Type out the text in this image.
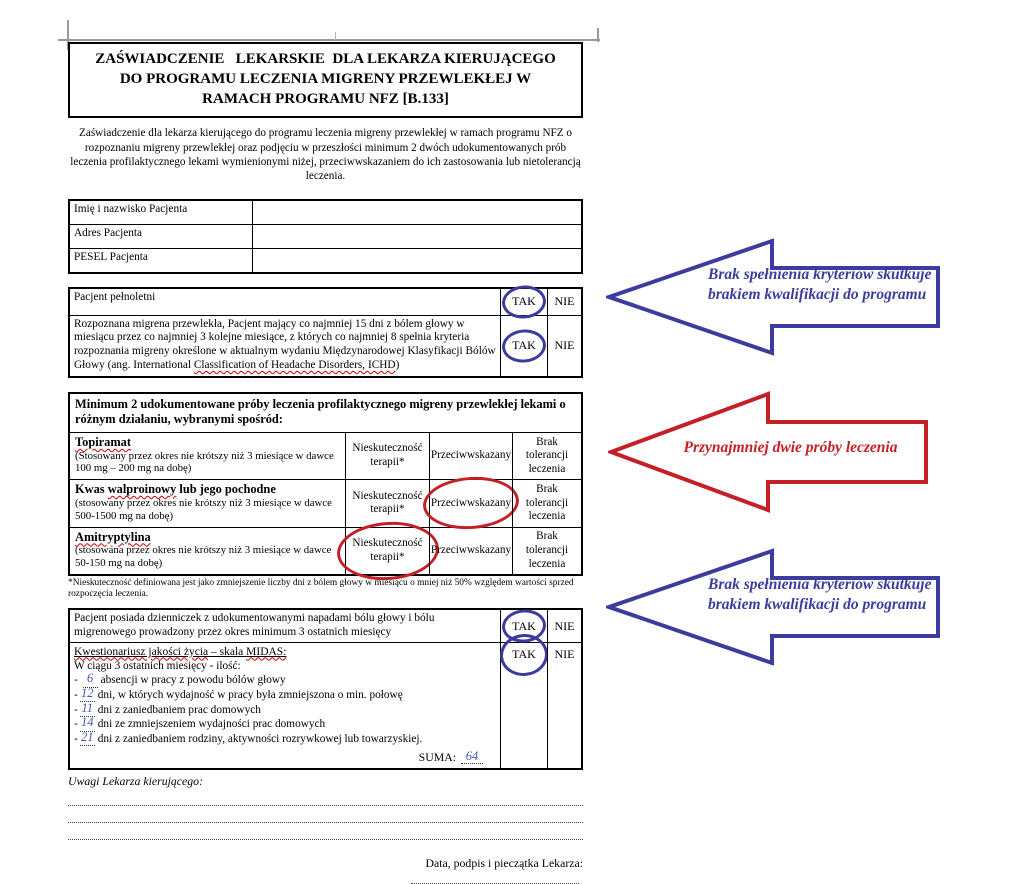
ZAŚWIADCZENIE   LEKARSKIE  DLA LEKARZA KIERUJĄCEGO
DO PROGRAMU LECZENIA MIGRENY PRZEWLEKŁEJ W
RAMACH PROGRAMU NFZ [B.133]
Zaświadczenie dla lekarza kierującego do programu leczenia migreny przewlekłej w ramach programu NFZ o rozpoznaniu migreny przewlekłej oraz podjęciu w przeszłości minimum 2 dwóch udokumentowanych prób leczenia profilaktycznego lekami wymienionymi niżej, przeciwwskazaniem do ich zastosowania lub nietolerancją leczenia.
Imię i nazwisko Pacjenta
Adres Pacjenta
PESEL Pacjenta
Pacjent pełnoletni	TAK NIE
Rozpoznana migrena przewlekła, Pacjent mający co najmniej 15 dni z bólem głowy w miesiącu przez co najmniej 3 kolejne miesiące, z których co najmniej 8 spełnia kryteria rozpoznania migreny określone w aktualnym wydaniu Międzynarodowej Klasyfikacji Bólów Głowy (ang. International Classification of Headache Disorders, ICHD)
TAK NIE
Minimum 2 udokumentowane próby leczenia profilaktycznego migreny przewlekłej lekami o różnym działaniu, wybranymi spośród:
Topiramat
(Stosowany przez okres nie krótszy niż 3 miesiące w dawce 100 mg – 200 mg na dobę)
Nieskuteczność terapii*
Przeciwwskazany
Brak tolerancji leczenia
Kwas walproinowy lub jego pochodne
(stosowany przez okres nie krótszy niż 3 miesiące w dawce 500-1500 mg na dobę)
Nieskuteczność terapii*
Przeciwwskazany
Brak tolerancji leczenia
Amitryptylina
(stosowana przez okres nie krótszy niż 3 miesiące w dawce 50-150 mg na dobę)
Nieskuteczność terapii*
Przeciwwskazany
Brak tolerancji leczenia
*Nieskuteczność definiowana jest jako zmniejszenie liczby dni z bólem głowy w miesiącu o mniej niż 50% względem wartości sprzed rozpoczęcia leczenia.
Pacjent posiada dzienniczek z udokumentowanymi napadami bólu głowy i bólu migrenowego prowadzony przez okres minimum 3 ostatnich miesięcy	TAK NIE
Kwestionariusz jakości życia – skala MIDAS:
W ciągu 3 ostatnich miesięcy - ilość:
- 6 absencji w pracy z powodu bólów głowy
- 12 dni, w których wydajność w pracy była zmniejszona o min. połowę
- 11 dni z zaniedbaniem prac domowych
- 14 dni ze zmniejszeniem wydajności prac domowych
- 21 dni z zaniedbaniem rodziny, aktywności rozrywkowej lub towarzyskiej.
SUMA: 64
TAK NIE
Uwagi Lekarza kierującego:
Data, podpis i pieczątka Lekarza:
Brak spełnienia kryteriów skutkuje brakiem kwalifikacji do programu
Przynajmniej dwie próby leczenia
Brak spełnienia kryteriów skutkuje brakiem kwalifikacji do programu
